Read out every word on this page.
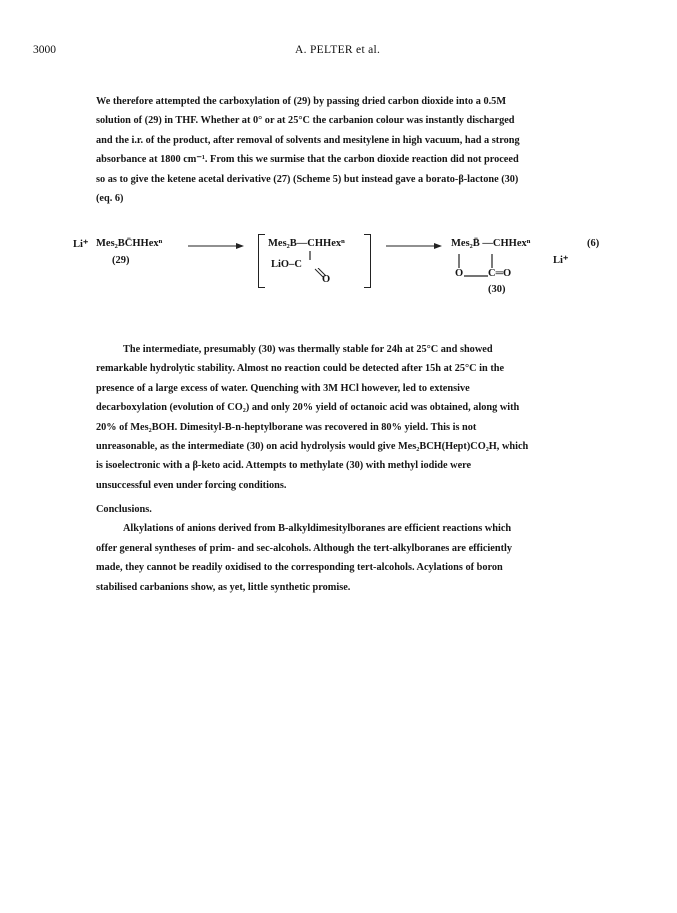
3000	A. PELTER et al.
We therefore attempted the carboxylation of (29) by passing dried carbon dioxide into a 0.5M
solution of (29) in THF. Whether at 0° or at 25°C the carbanion colour was instantly discharged
and the i.r. of the product, after removal of solvents and mesitylene in high vacuum, had a strong
absorbance at 1800 cm⁻¹. From this we surmise that the carbon dioxide reaction did not proceed
so as to give the ketene acetal derivative (27) (Scheme 5) but instead gave a borato-β-lactone (30)
(eq. 6)
Li⁺ Mes₂BC̄HHexⁿ
(29)
→ Mes₂B—CHHexⁿ
LiO–C
O
→ Mes₂B̄ —CHHexⁿ
Li⁺
O C═O
(30)
(6)
The intermediate, presumably (30) was thermally stable for 24h at 25°C and showed
remarkable hydrolytic stability. Almost no reaction could be detected after 15h at 25°C in the
presence of a large excess of water. Quenching with 3M HCl however, led to extensive
decarboxylation (evolution of CO₂) and only 20% yield of octanoic acid was obtained, along with
20% of Mes₂BOH. Dimesityl-B-n-heptylborane was recovered in 80% yield. This is not
unreasonable, as the intermediate (30) on acid hydrolysis would give Mes₂BCH(Hept)CO₂H, which
is isoelectronic with a β-keto acid. Attempts to methylate (30) with methyl iodide were
unsuccessful even under forcing conditions.
Conclusions.
Alkylations of anions derived from B-alkyldimesitylboranes are efficient reactions which
offer general syntheses of prim- and sec-alcohols. Although the tert-alkylboranes are efficiently
made, they cannot be readily oxidised to the corresponding tert-alcohols. Acylations of boron
stabilised carbanions show, as yet, little synthetic promise.
